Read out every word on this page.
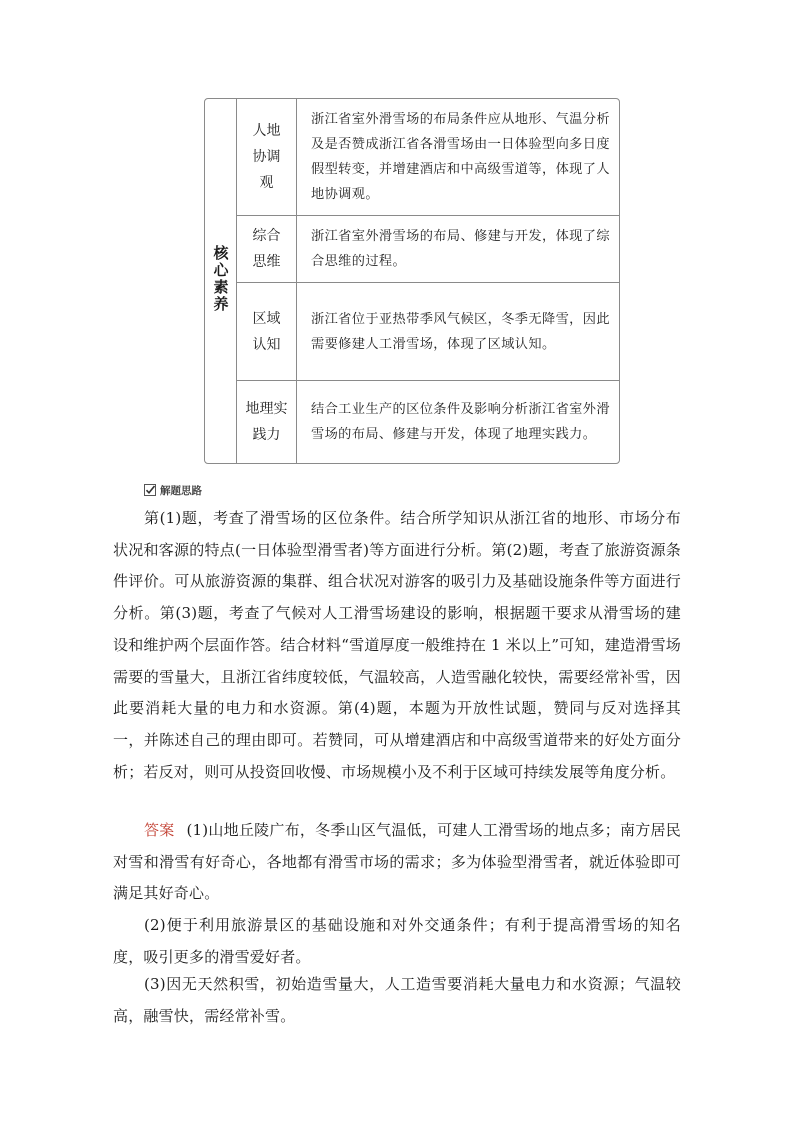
核心素养
人地协调观
浙江省室外滑雪场的布局条件应从地形、气温分析及是否赞成浙江省各滑雪场由一日体验型向多日度假型转变，并增建酒店和中高级雪道等，体现了人地协调观。
综合思维
浙江省室外滑雪场的布局、修建与开发，体现了综合思维的过程。
区域认知
浙江省位于亚热带季风气候区，冬季无降雪，因此需要修建人工滑雪场，体现了区域认知。
地理实践力
结合工业生产的区位条件及影响分析浙江省室外滑雪场的布局、修建与开发，体现了地理实践力。
解题思路

第(1)题，考查了滑雪场的区位条件。结合所学知识从浙江省的地形、市场分布状况和客源的特点(一日体验型滑雪者)等方面进行分析。第(2)题，考查了旅游资源条件评价。可从旅游资源的集群、组合状况对游客的吸引力及基础设施条件等方面进行分析。第(3)题，考查了气候对人工滑雪场建设的影响，根据题干要求从滑雪场的建设和维护两个层面作答。结合材料“雪道厚度一般维持在 1 米以上”可知，建造滑雪场需要的雪量大，且浙江省纬度较低，气温较高，人造雪融化较快，需要经常补雪，因此要消耗大量的电力和水资源。第(4)题，本题为开放性试题，赞同与反对选择其一，并陈述自己的理由即可。若赞同，可从增建酒店和中高级雪道带来的好处方面分析；若反对，则可从投资回收慢、市场规模小及不利于区域可持续发展等角度分析。

答案 (1)山地丘陵广布，冬季山区气温低，可建人工滑雪场的地点多；南方居民对雪和滑雪有好奇心，各地都有滑雪市场的需求；多为体验型滑雪者，就近体验即可满足其好奇心。

(2)便于利用旅游景区的基础设施和对外交通条件；有利于提高滑雪场的知名度，吸引更多的滑雪爱好者。

(3)因无天然积雪，初始造雪量大，人工造雪要消耗大量电力和水资源；气温较高，融雪快，需经常补雪。
